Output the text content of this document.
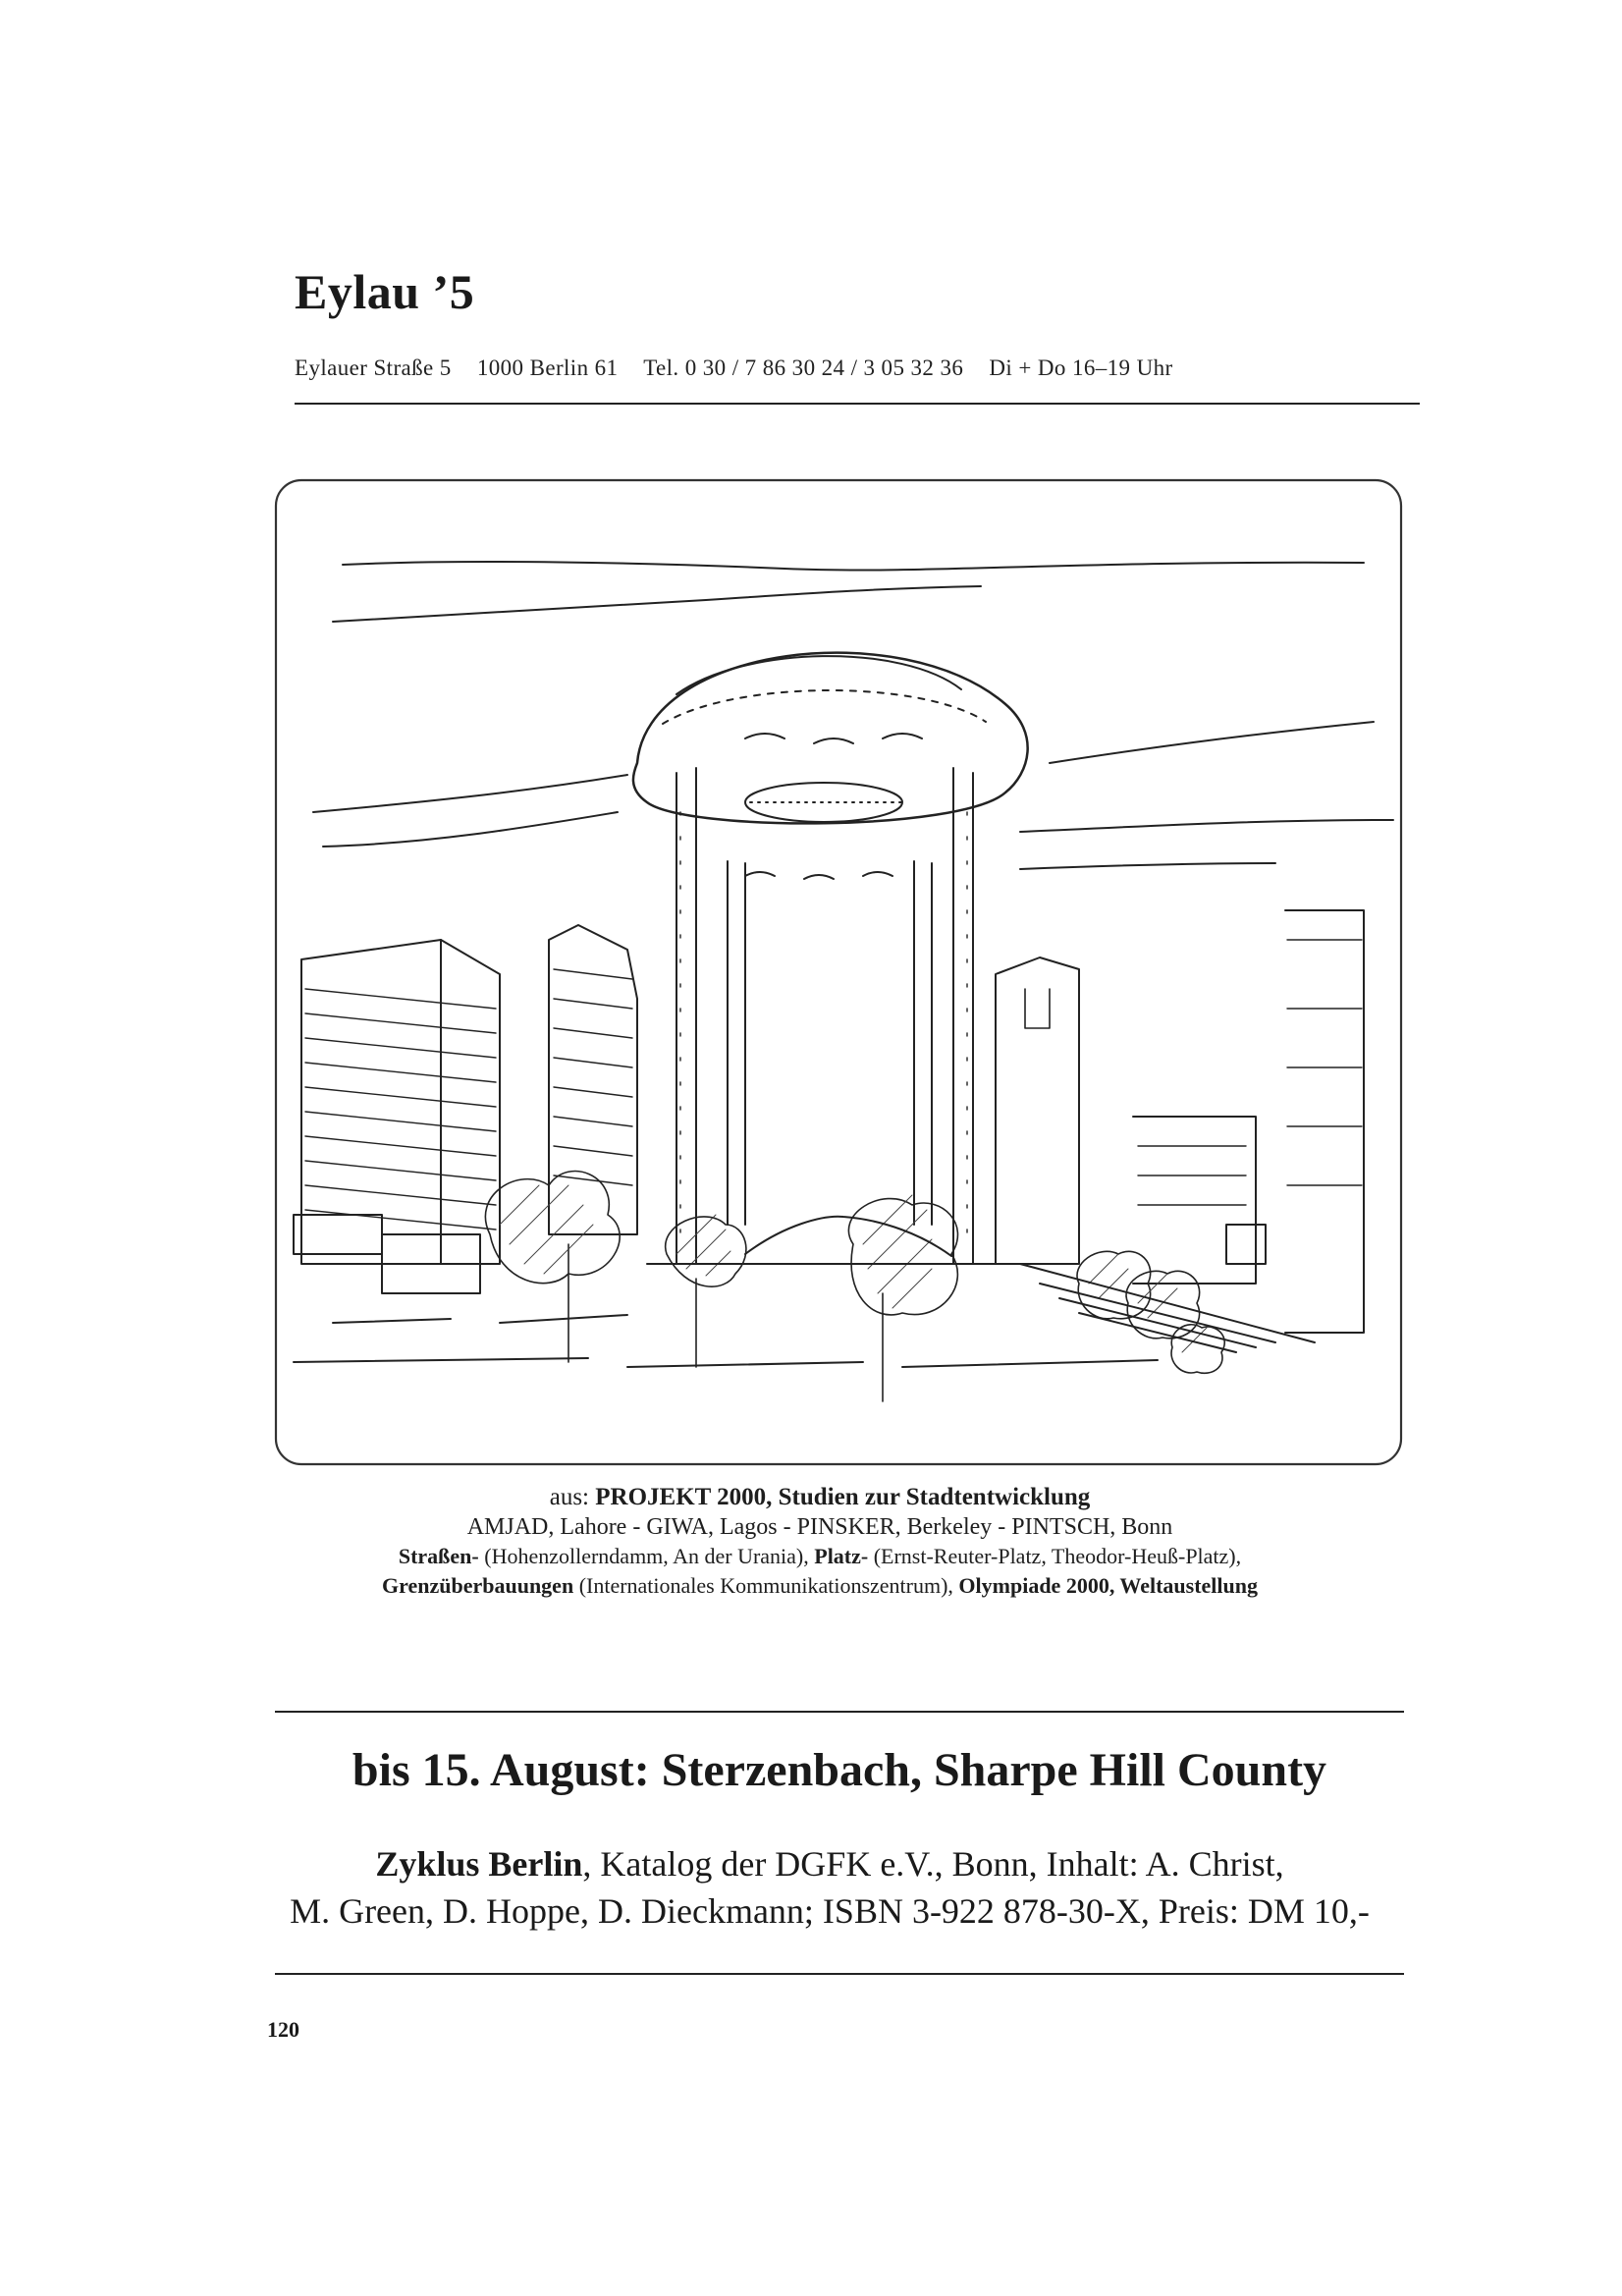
Eylau ’5
Eylauer Straße 5 1000 Berlin 61 Tel. 0 30 / 7 86 30 24 / 3 05 32 36 Di + Do 16–19 Uhr
aus: PROJEKT 2000, Studien zur Stadtentwicklung
AMJAD, Lahore - GIWA, Lagos - PINSKER, Berkeley - PINTSCH, Bonn
Straßen- (Hohenzollerndamm, An der Urania), Platz- (Ernst-Reuter-Platz, Theodor-Heuß-Platz),
Grenzüberbauungen (Internationales Kommunikationszentrum), Olympiade 2000, Weltaustellung
bis 15. August: Sterzenbach, Sharpe Hill County
Zyklus Berlin, Katalog der DGFK e.V., Bonn, Inhalt: A. Christ,
M. Green, D. Hoppe, D. Dieckmann; ISBN 3-922 878-30-X, Preis: DM 10,-
120
